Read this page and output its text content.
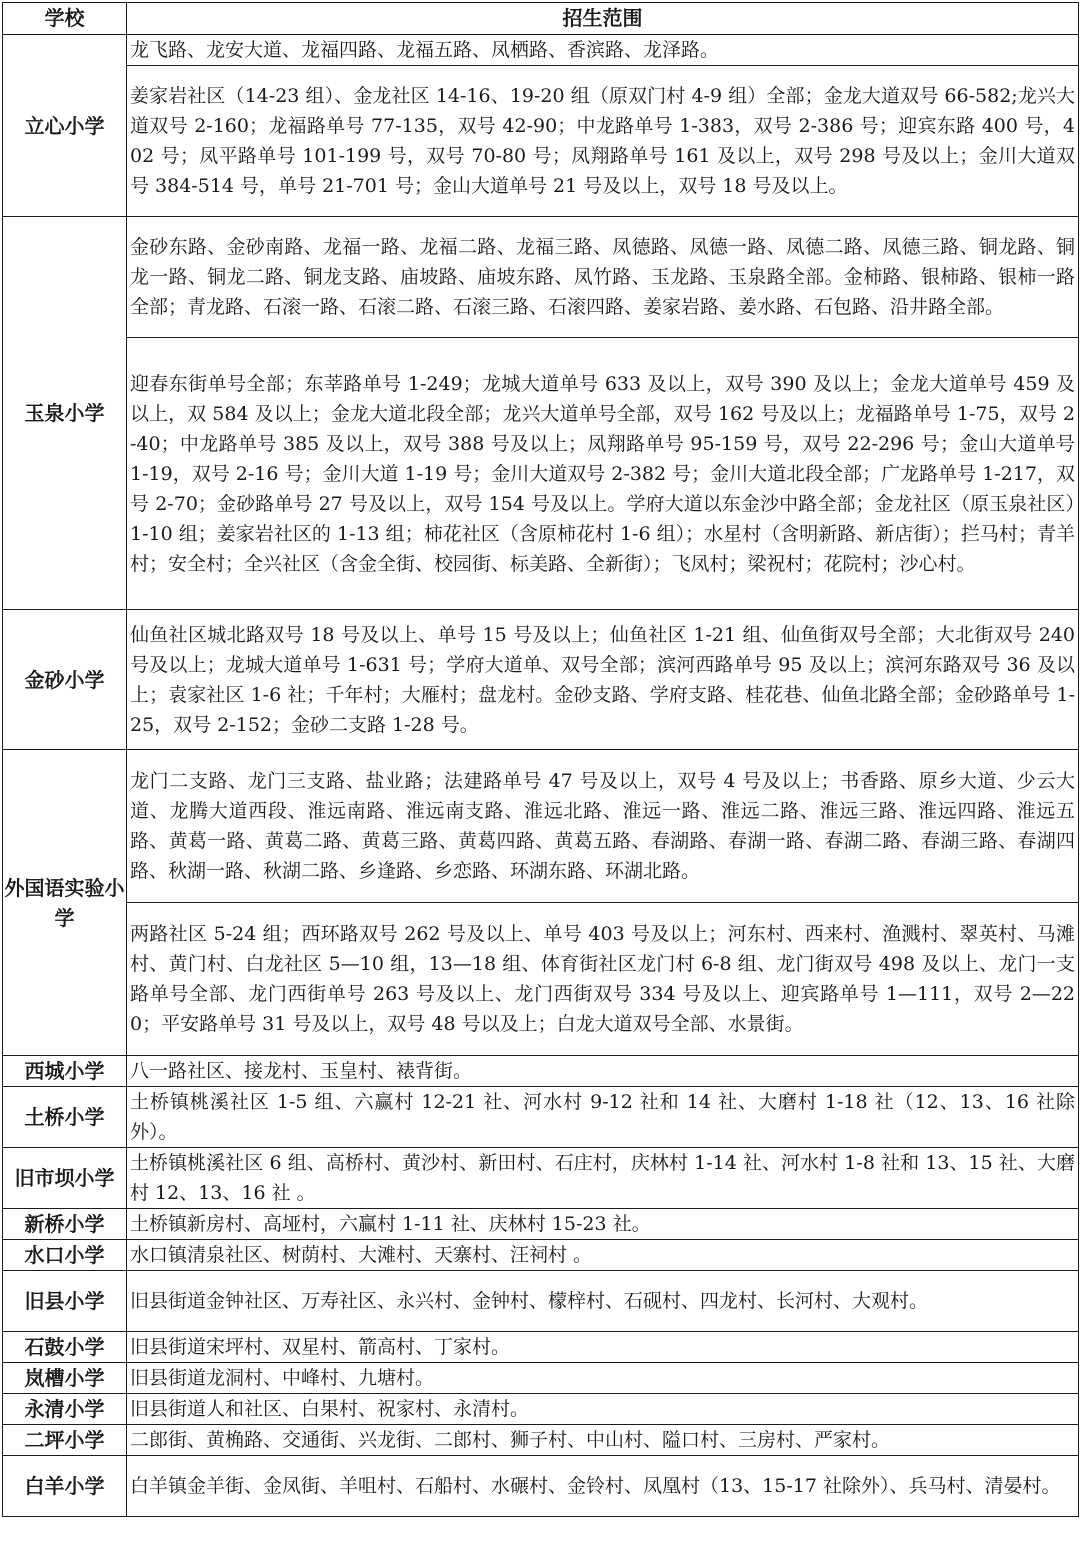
学校	招生范围
立心小学	龙飞路、龙安大道、龙福四路、龙福五路、凤栖路、香滨路、龙泽路。
	姜家岩社区（14-23 组）、金龙社区 14-16、19-20 组（原双门村 4-9 组）全部；金龙大道双号 66-582;龙兴大道双号 2-160；龙福路单号 77-135，双号 42-90；中龙路单号 1-383，双号 2-386 号；迎宾东路 400 号，402 号；凤平路单号 101-199 号，双号 70-80 号；凤翔路单号 161 及以上，双号 298 号及以上；金川大道双号 384-514 号，单号 21-701 号；金山大道单号 21 号及以上，双号 18 号及以上。
玉泉小学	金砂东路、金砂南路、龙福一路、龙福二路、龙福三路、凤德路、凤德一路、凤德二路、凤德三路、铜龙路、铜龙一路、铜龙二路、铜龙支路、庙坡路、庙坡东路、凤竹路、玉龙路、玉泉路全部。金柿路、银柿路、银柿一路全部；青龙路、石滚一路、石滚二路、石滚三路、石滚四路、姜家岩路、姜水路、石包路、沿井路全部。
	迎春东街单号全部；东莘路单号 1-249；龙城大道单号 633 及以上，双号 390 及以上；金龙大道单号 459 及以上，双 584 及以上；金龙大道北段全部；龙兴大道单号全部，双号 162 号及以上；龙福路单号 1-75，双号 2-40；中龙路单号 385 及以上，双号 388 号及以上；凤翔路单号 95-159 号，双号 22-296 号；金山大道单号 1-19，双号 2-16 号；金川大道 1-19 号；金川大道双号 2-382 号；金川大道北段全部；广龙路单号 1-217，双号 2-70；金砂路单号 27 号及以上，双号 154 号及以上。学府大道以东金沙中路全部；金龙社区（原玉泉社区）1-10 组；姜家岩社区的 1-13 组；柿花社区（含原柿花村 1-6 组）；水星村（含明新路、新店街）；拦马村；青羊村；安全村；全兴社区（含金全街、校园街、标美路、全新街）；飞凤村；梁祝村；花院村；沙心村。
金砂小学	仙鱼社区城北路双号 18 号及以上、单号 15 号及以上；仙鱼社区 1-21 组、仙鱼街双号全部；大北街双号 240 号及以上；龙城大道单号 1-631 号；学府大道单、双号全部；滨河西路单号 95 及以上；滨河东路双号 36 及以上；袁家社区 1-6 社；千年村；大雁村；盘龙村。金砂支路、学府支路、桂花巷、仙鱼北路全部；金砂路单号 1-25，双号 2-152；金砂二支路 1-28 号。
外国语实验小学	龙门二支路、龙门三支路、盐业路；法建路单号 47 号及以上，双号 4 号及以上；书香路、原乡大道、少云大道、龙腾大道西段、淮远南路、淮远南支路、淮远北路、淮远一路、淮远二路、淮远三路、淮远四路、淮远五路、黄葛一路、黄葛二路、黄葛三路、黄葛四路、黄葛五路、春湖路、春湖一路、春湖二路、春湖三路、春湖四路、秋湖一路、秋湖二路、乡逢路、乡恋路、环湖东路、环湖北路。
	两路社区 5-24 组；西环路双号 262 号及以上、单号 403 号及以上；河东村、西来村、渔溅村、翠英村、马滩村、黄门村、白龙社区 5—10 组，13—18 组、体育街社区龙门村 6-8 组、龙门街双号 498 及以上、龙门一支路单号全部、龙门西街单号 263 号及以上、龙门西街双号 334 号及以上、迎宾路单号 1—111，双号 2—220；平安路单号 31 号及以上，双号 48 号以及上；白龙大道双号全部、水景街。
西城小学	八一路社区、接龙村、玉皇村、裱背街。
土桥小学	土桥镇桃溪社区 1-5 组、六赢村 12-21 社、河水村 9-12 社和 14 社、大磨村 1-18 社（12、13、16 社除外）。
旧市坝小学	土桥镇桃溪社区 6 组、高桥村、黄沙村、新田村、石庄村，庆林村 1-14 社、河水村 1-8 社和 13、15 社、大磨村 12、13、16 社 。
新桥小学	土桥镇新房村、高垭村，六赢村 1-11 社、庆林村 15-23 社。
水口小学	水口镇清泉社区、树荫村、大滩村、天寨村、汪祠村 。
旧县小学	旧县街道金钟社区、万寿社区、永兴村、金钟村、檬梓村、石砚村、四龙村、长河村、大观村。
石鼓小学	旧县街道宋坪村、双星村、箭高村、丁家村。
岚槽小学	旧县街道龙洞村、中峰村、九塘村。
永清小学	旧县街道人和社区、白果村、祝家村、永清村。
二坪小学	二郎街、黄桷路、交通街、兴龙街、二郎村、狮子村、中山村、隘口村、三房村、严家村。
白羊小学	白羊镇金羊街、金凤街、羊咀村、石船村、水碾村、金铃村、凤凰村（13、15-17 社除外）、兵马村、清晏村。
